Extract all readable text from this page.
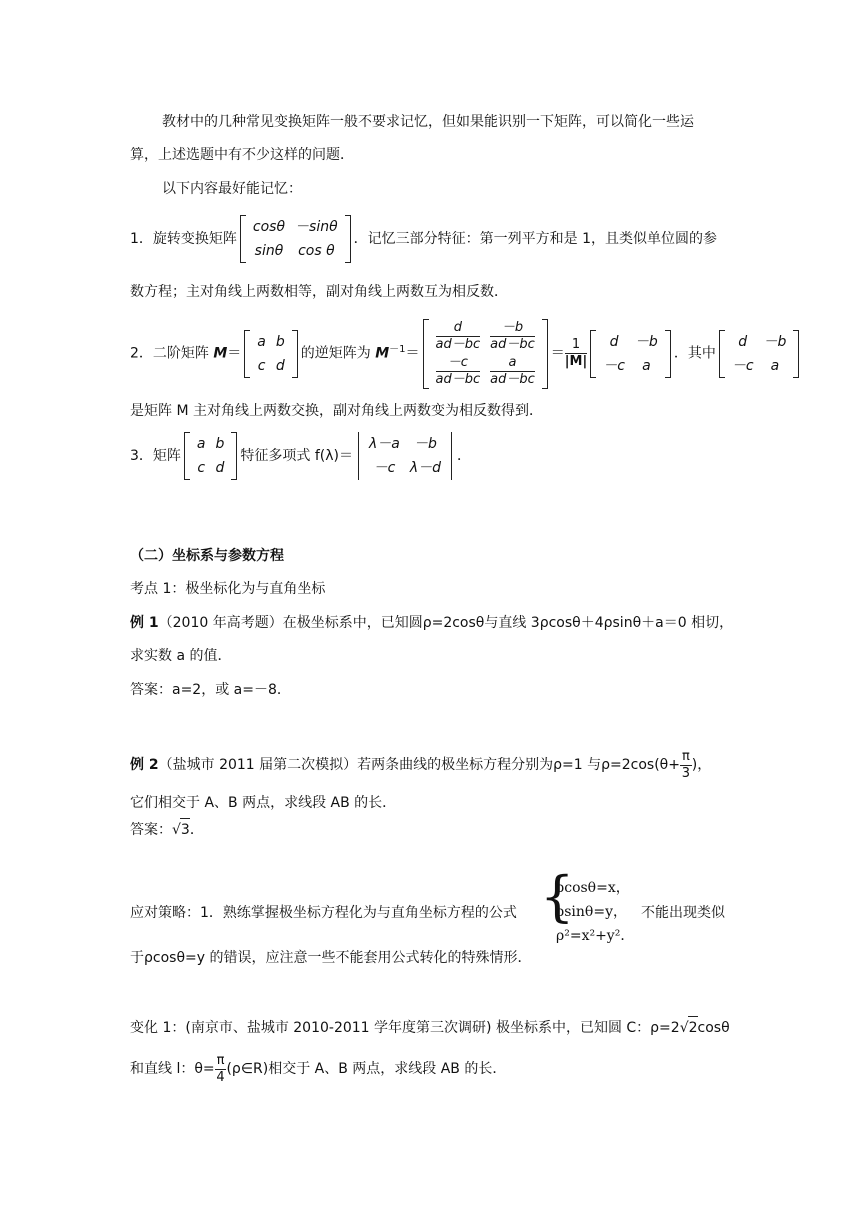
教材中的几种常见变换矩阵一般不要求记忆，但如果能识别一下矩阵，可以简化一些运
算，上述选题中有不少这样的问题．
以下内容最好能记忆：
1．旋转变换矩阵
cosθ	－sinθ
sinθ	cos θ
．记忆三部分特征：第一列平方和是 1，且类似单位圆的参
数方程；主对角线上两数相等，副对角线上两数互为相反数．
2．二阶矩阵 M＝
a	b
c	d
的逆矩阵为 $M^{-1}=$
$\frac{d}{ad-bc}$	$\frac{-b}{ad-bc}$

$\frac{-c}{ad-bc}$	$\frac{a}{ad-bc}$
＝ $\frac{1}{|M|}$ d	－b
－c	a
．其中
d	－b
－c	a
是矩阵 M 主对角线上两数交换，副对角线上两数变为相反数得到．
3．矩阵
a	b
c	d
特征多项式 f(λ)＝
λ－a	－b
－c	λ－d
．
（二）坐标系与参数方程
考点 1：极坐标化为与直角坐标
例 1（2010 年高考题）在极坐标系中，已知圆ρ=2cosθ与直线 3ρcosθ＋4ρsinθ＋a＝0 相切，
求实数 a 的值．
答案：a=2，或 a=－8．
例 2（盐城市 2011 届第二次模拟）若两条曲线的极坐标方程分别为ρ=1 与$\rho=2\cos(\theta+ \frac{\pi}{3}$ )，
它们相交于 A、B 两点，求线段 AB 的长．
答案：√3．
应对策略：1．熟练掌握极坐标方程化为与直角坐标方程的公式 {
ρcosθ=x，
ρsinθ=y，
ρ²=x²+y²．
不能出现类似
于ρcosθ=y 的错误，应注意一些不能套用公式转化的特殊情形．
变化 1：(南京市、盐城市 2010-2011 学年度第三次调研) 极坐标系中，已知圆 C：ρ=2√2cosθ
和直线 l：$\theta= \frac{\pi}{4}$ (ρ∈R)相交于 A、B 两点，求线段 AB 的长．
